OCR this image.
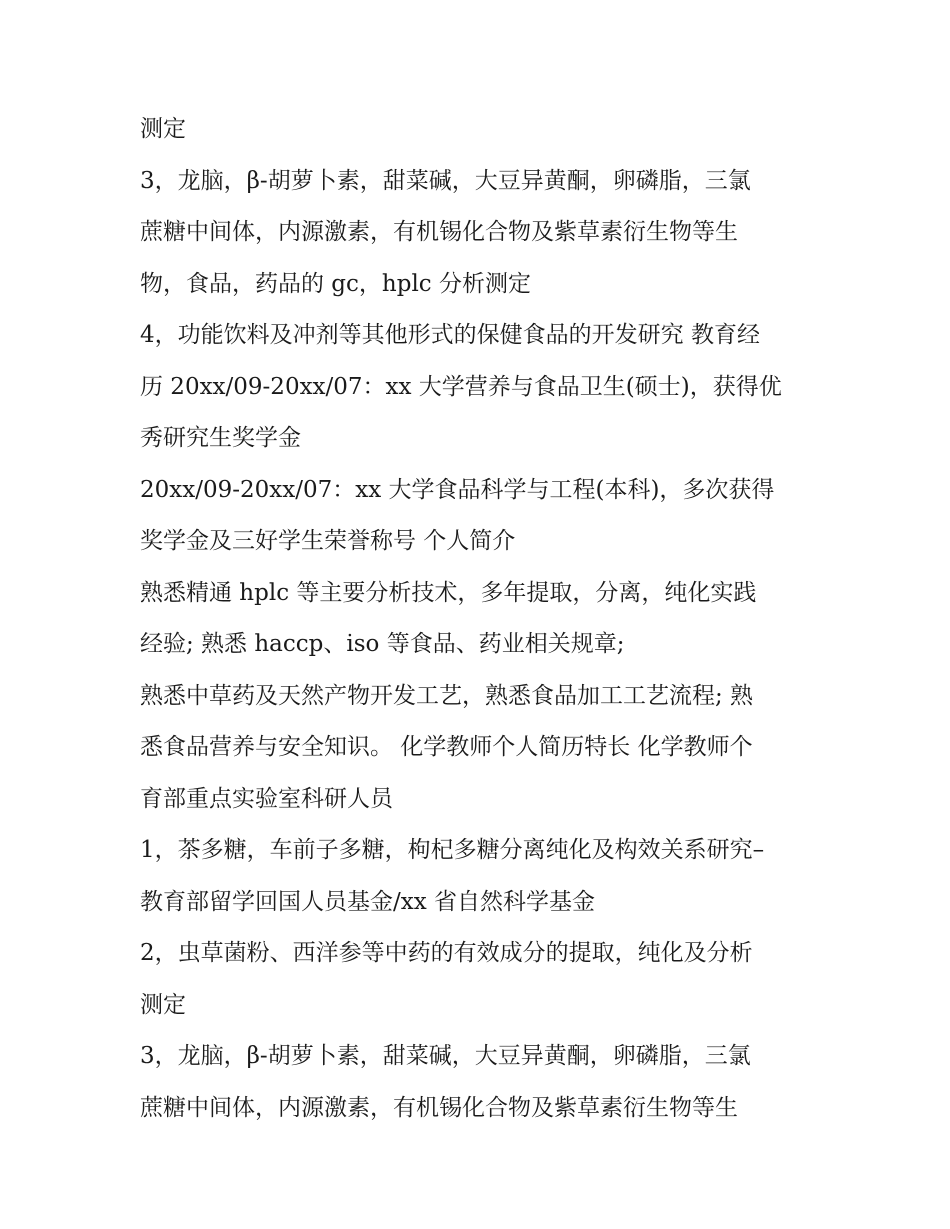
测定
3，龙脑，β-胡萝卜素，甜菜碱，大豆异黄酮，卵磷脂，三氯
蔗糖中间体，内源激素，有机锡化合物及紫草素衍生物等生
物，食品，药品的 gc，hplc 分析测定
4，功能饮料及冲剂等其他形式的保健食品的开发研究 教育经
历 20xx/09-20xx/07：xx 大学营养与食品卫生(硕士)，获得优
秀研究生奖学金
20xx/09-20xx/07：xx 大学食品科学与工程(本科)，多次获得
奖学金及三好学生荣誉称号 个人简介
熟悉精通 hplc 等主要分析技术，多年提取，分离，纯化实践
经验; 熟悉 haccp、iso 等食品、药业相关规章;
熟悉中草药及天然产物开发工艺，熟悉食品加工工艺流程; 熟
悉食品营养与安全知识。 化学教师个人简历特长 化学教师个
育部重点实验室科研人员
1，茶多糖，车前子多糖，枸杞多糖分离纯化及构效关系研究–
教育部留学回国人员基金/xx 省自然科学基金
2，虫草菌粉、西洋参等中药的有效成分的提取，纯化及分析
测定
3，龙脑，β-胡萝卜素，甜菜碱，大豆异黄酮，卵磷脂，三氯
蔗糖中间体，内源激素，有机锡化合物及紫草素衍生物等生
